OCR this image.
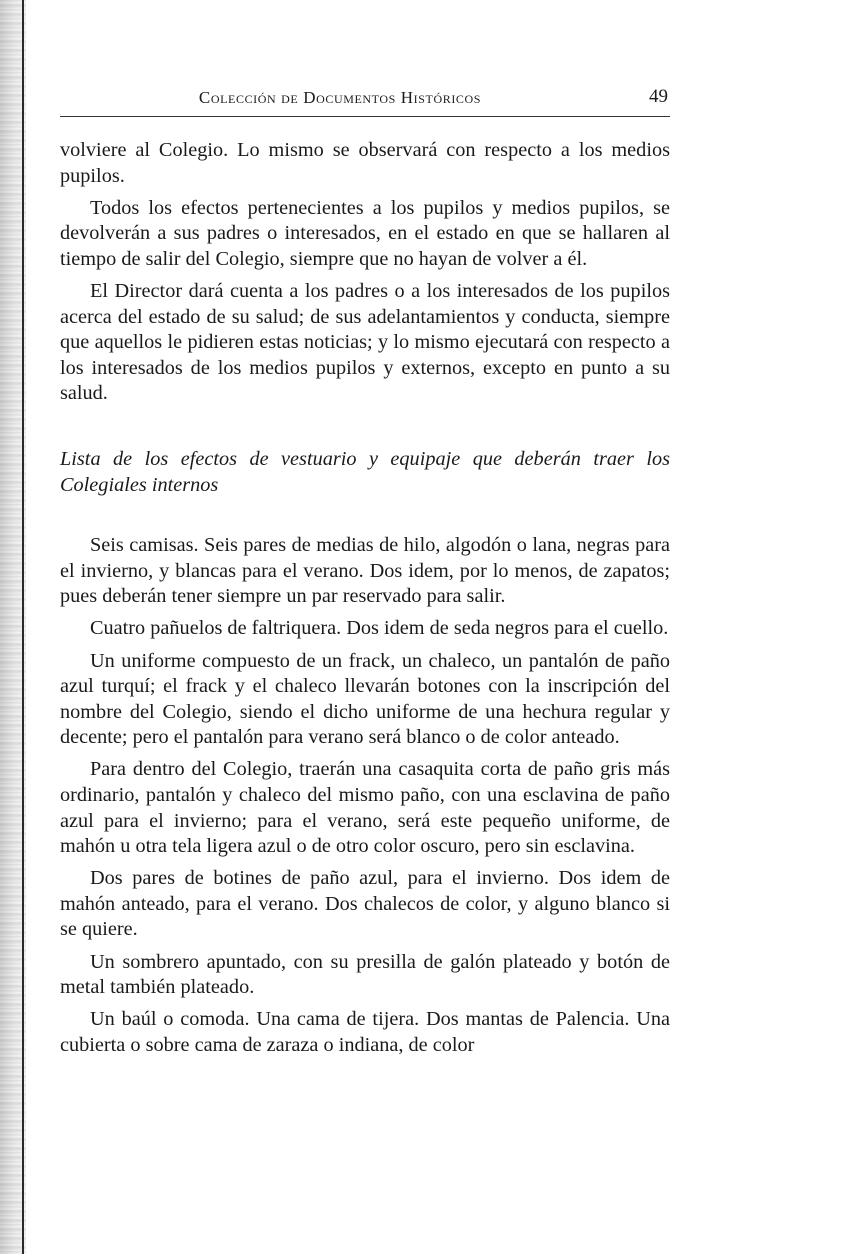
Colección de Documentos Históricos	49

volviere al Colegio. Lo mismo se observará con respecto a los medios pupilos.

Todos los efectos pertenecientes a los pupilos y medios pupilos, se devolverán a sus padres o interesados, en el estado en que se hallaren al tiempo de salir del Colegio, siempre que no hayan de volver a él.

El Director dará cuenta a los padres o a los interesados de los pupilos acerca del estado de su salud; de sus adelantamientos y conducta, siempre que aquellos le pidieren estas noticias; y lo mismo ejecutará con respecto a los interesados de los medios pupilos y externos, excepto en punto a su salud.

Lista de los efectos de vestuario y equipaje que deberán traer los Colegiales internos

Seis camisas. Seis pares de medias de hilo, algodón o lana, negras para el invierno, y blancas para el verano. Dos idem, por lo menos, de zapatos; pues deberán tener siempre un par reservado para salir.

Cuatro pañuelos de faltriquera. Dos idem de seda negros para el cuello.

Un uniforme compuesto de un frack, un chaleco, un pantalón de paño azul turquí; el frack y el chaleco llevarán botones con la inscripción del nombre del Colegio, siendo el dicho uniforme de una hechura regular y decente; pero el pantalón para verano será blanco o de color anteado.

Para dentro del Colegio, traerán una casaquita corta de paño gris más ordinario, pantalón y chaleco del mismo paño, con una esclavina de paño azul para el invierno; para el verano, será este pequeño uniforme, de mahón u otra tela ligera azul o de otro color oscuro, pero sin esclavina.

Dos pares de botines de paño azul, para el invierno. Dos idem de mahón anteado, para el verano. Dos chalecos de color, y alguno blanco si se quiere.

Un sombrero apuntado, con su presilla de galón plateado y botón de metal también plateado.

Un baúl o comoda. Una cama de tijera. Dos mantas de Palencia. Una cubierta o sobre cama de zaraza o indiana, de color
